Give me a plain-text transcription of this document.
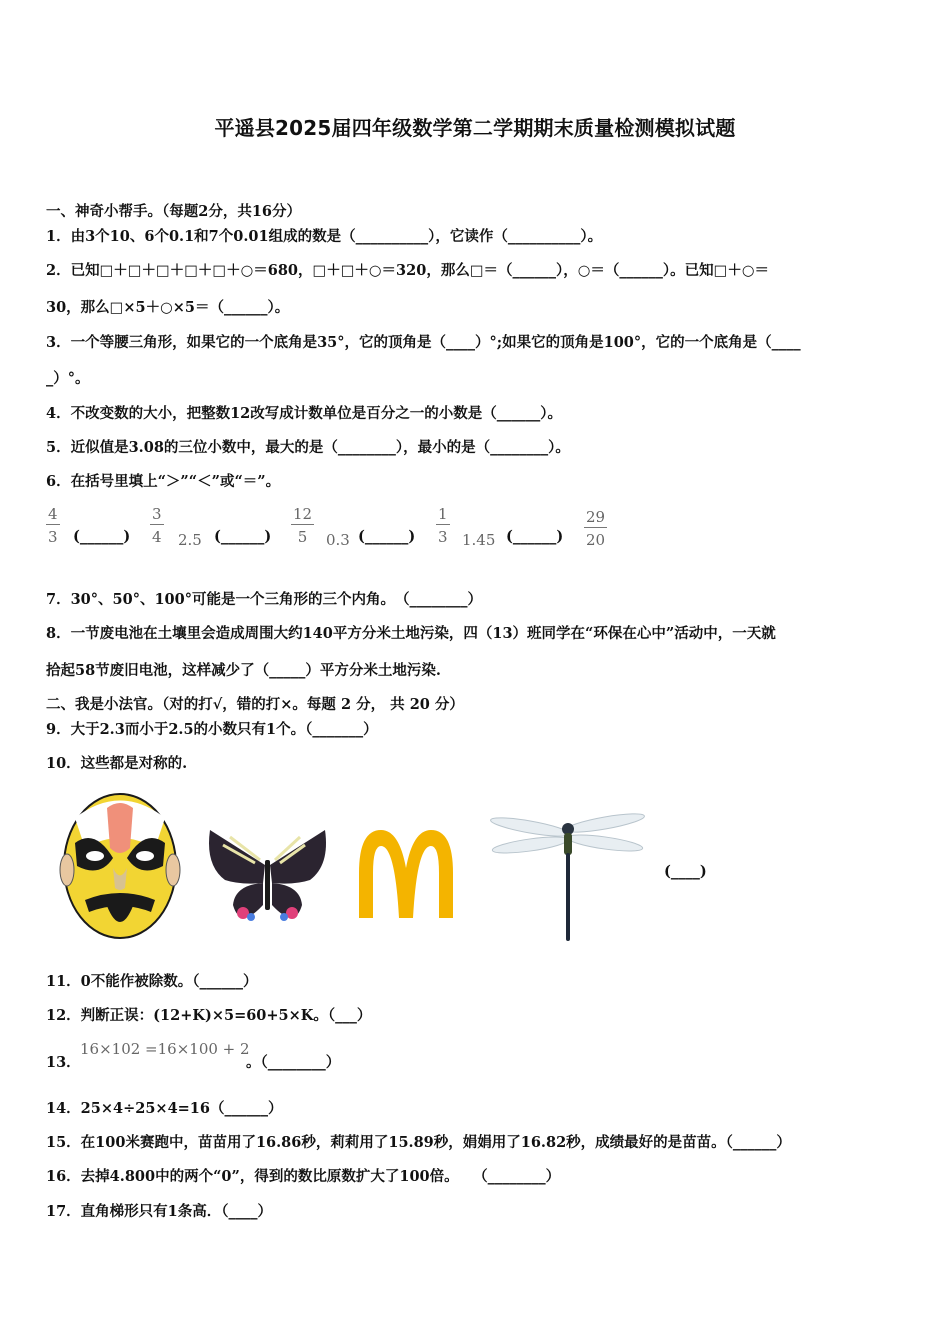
平遥县2025届四年级数学第二学期期末质量检测模拟试题
一、神奇小帮手。（每题2分，共16分）
1．由3个10、6个0.1和7个0.01组成的数是（__________），它读作（__________）。
2．已知□＋□＋□＋□＋□＋○＝680，□＋□＋○＝320，那么□＝（______），○＝（______）。已知□＋○＝
30，那么□×5＋○×5＝（______）。
3．一个等腰三角形，如果它的一个底角是35°，它的顶角是（____）°;如果它的顶角是100°，它的一个底角是（____
_）°。
4．不改变数的大小，把整数12改写成计数单位是百分之一的小数是（______）。
5．近似值是3.08的三位小数中，最大的是（________），最小的是（________）。
6．在括号里填上“＞”“＜”或“＝”。
$\frac{4}{3}$ (______) $\frac{3}{4} 2.5$ (______) $\frac{12}{5} 0.3$ (______) $\frac{1}{3} 1.45$ (______) $\frac{29}{20}$
7．30°、50°、100°可能是一个三角形的三个内角。　（________）
8．一节废电池在土壤里会造成周围大约140平方分米土地污染，四（13）班同学在“环保在心中”活动中，一天就
拾起58节废旧电池，这样减少了（_____）平方分米土地污染.
二、我是小法官。（对的打√，错的打×。每题 2 分， 共 20 分）
9．大于2.3而小于2.5的小数只有1个。（_______）
10．这些都是对称的.
(____)
11．0不能作被除数。（______）
12．判断正误：(12+K)×5=60+5×K。（___）
13．
16×102 =16×100 + 2
。（________）
14．25×4÷25×4=16（______）
15．在100米赛跑中，苗苗用了16.86秒，莉莉用了15.89秒，娟娟用了16.82秒，成绩最好的是苗苗。（______）
16．去掉4.800中的两个“0”，得到的数比原数扩大了100倍。　　（________）
17．直角梯形只有1条高．（____）
